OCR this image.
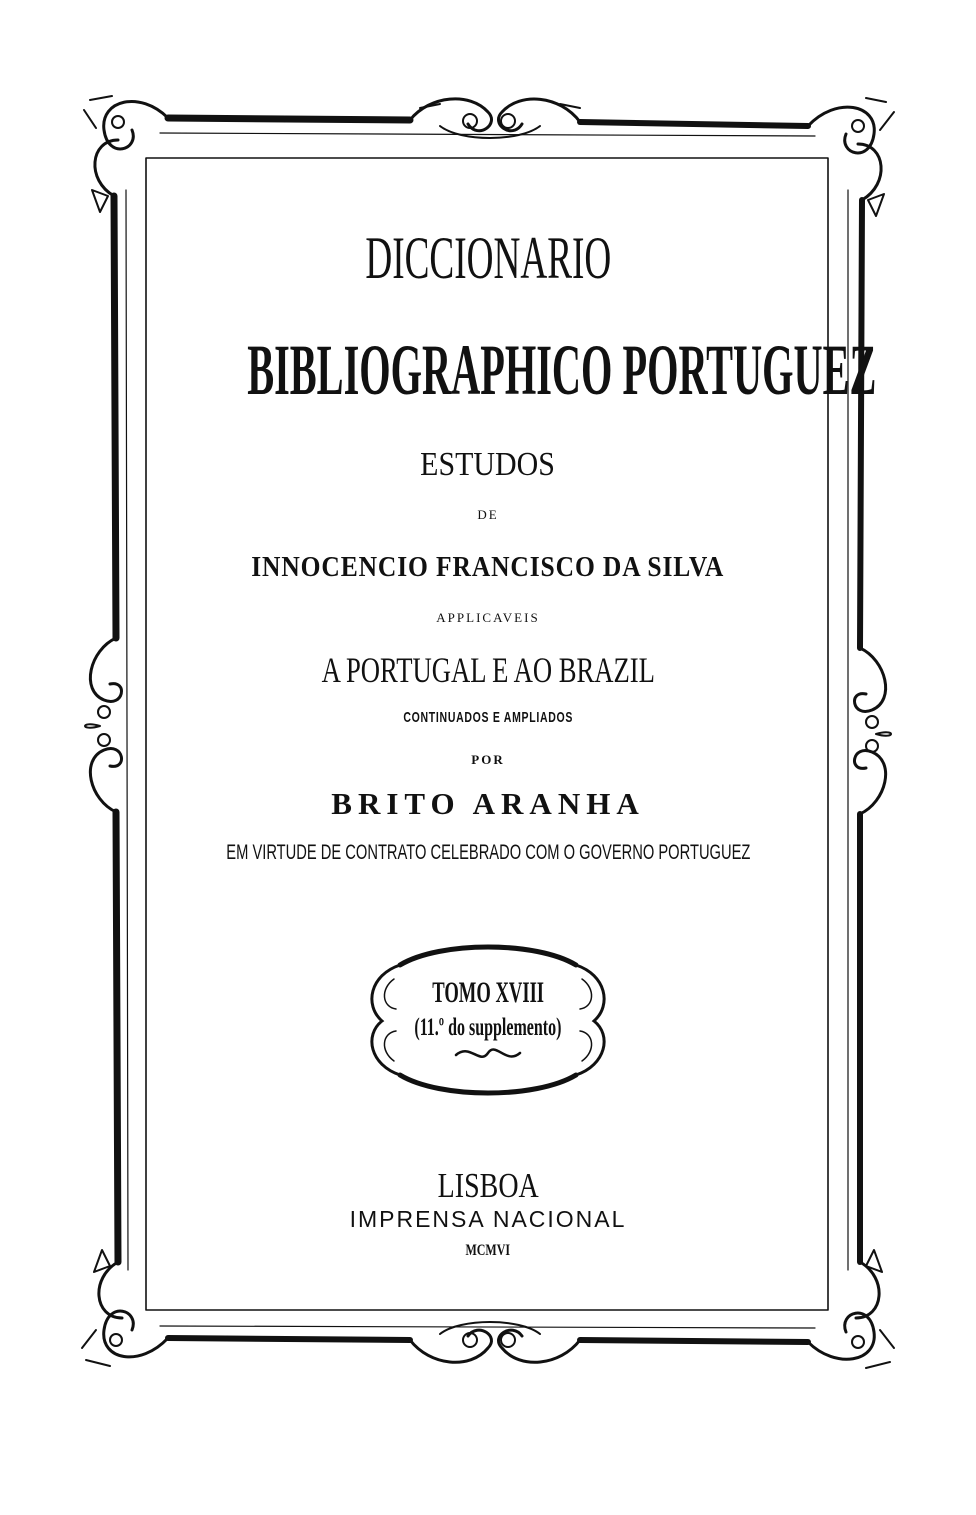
DICCIONARIO
BIBLIOGRAPHICO PORTUGUEZ
ESTUDOS
DE
INNOCENCIO FRANCISCO DA SILVA
APPLICAVEIS
A PORTUGAL E AO BRAZIL
CONTINUADOS E AMPLIADOS
POR
BRITO ARANHA
EM VIRTUDE DE CONTRATO CELEBRADO COM O GOVERNO PORTUGUEZ
TOMO XVIII
(11.º do supplemento)
LISBOA
IMPRENSA NACIONAL
MCMVI
